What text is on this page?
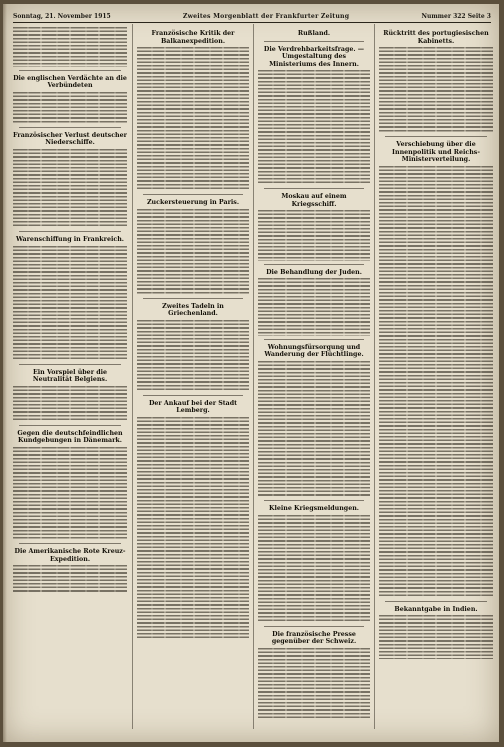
Sonntag, 21. November 1915	Zweites Morgenblatt der Frankfurter Zeitung	Nummer 322 Seite 3
Die englischen Verdächte an die Verbündeten
Französischer Verlust deutscher Niederschiffe.
Warenschiffung in Frankreich.
Ein Vorspiel über die Neutralität Belgiens.
Gegen die deutschfeindlichen Kundgebungen in Dänemark.
Die Amerikanische Rote Kreuz-Expedition.
Französische Kritik der Balkanexpedition.
Zuckersteuerung in Paris.
Zweites Tadeln in Griechenland.
Der Ankauf bei der Stadt Lemberg.
Rußland.
Die Verdrehbarkeitsfrage. — Umgestaltung des Ministeriums des Innern.
Moskau auf einem Kriegsschiff.
Die Behandlung der Juden.
Wohnungsfürsorgung und Wanderung der Flüchtlinge.
Kleine Kriegsmeldungen.
Die französische Presse gegenüber der Schweiz.
Rücktritt des portugiesischen Kabinetts.
Verschiebung über die Innenpolitik und Reichs-Ministerverteilung.
Bekanntgabe in Indien.
